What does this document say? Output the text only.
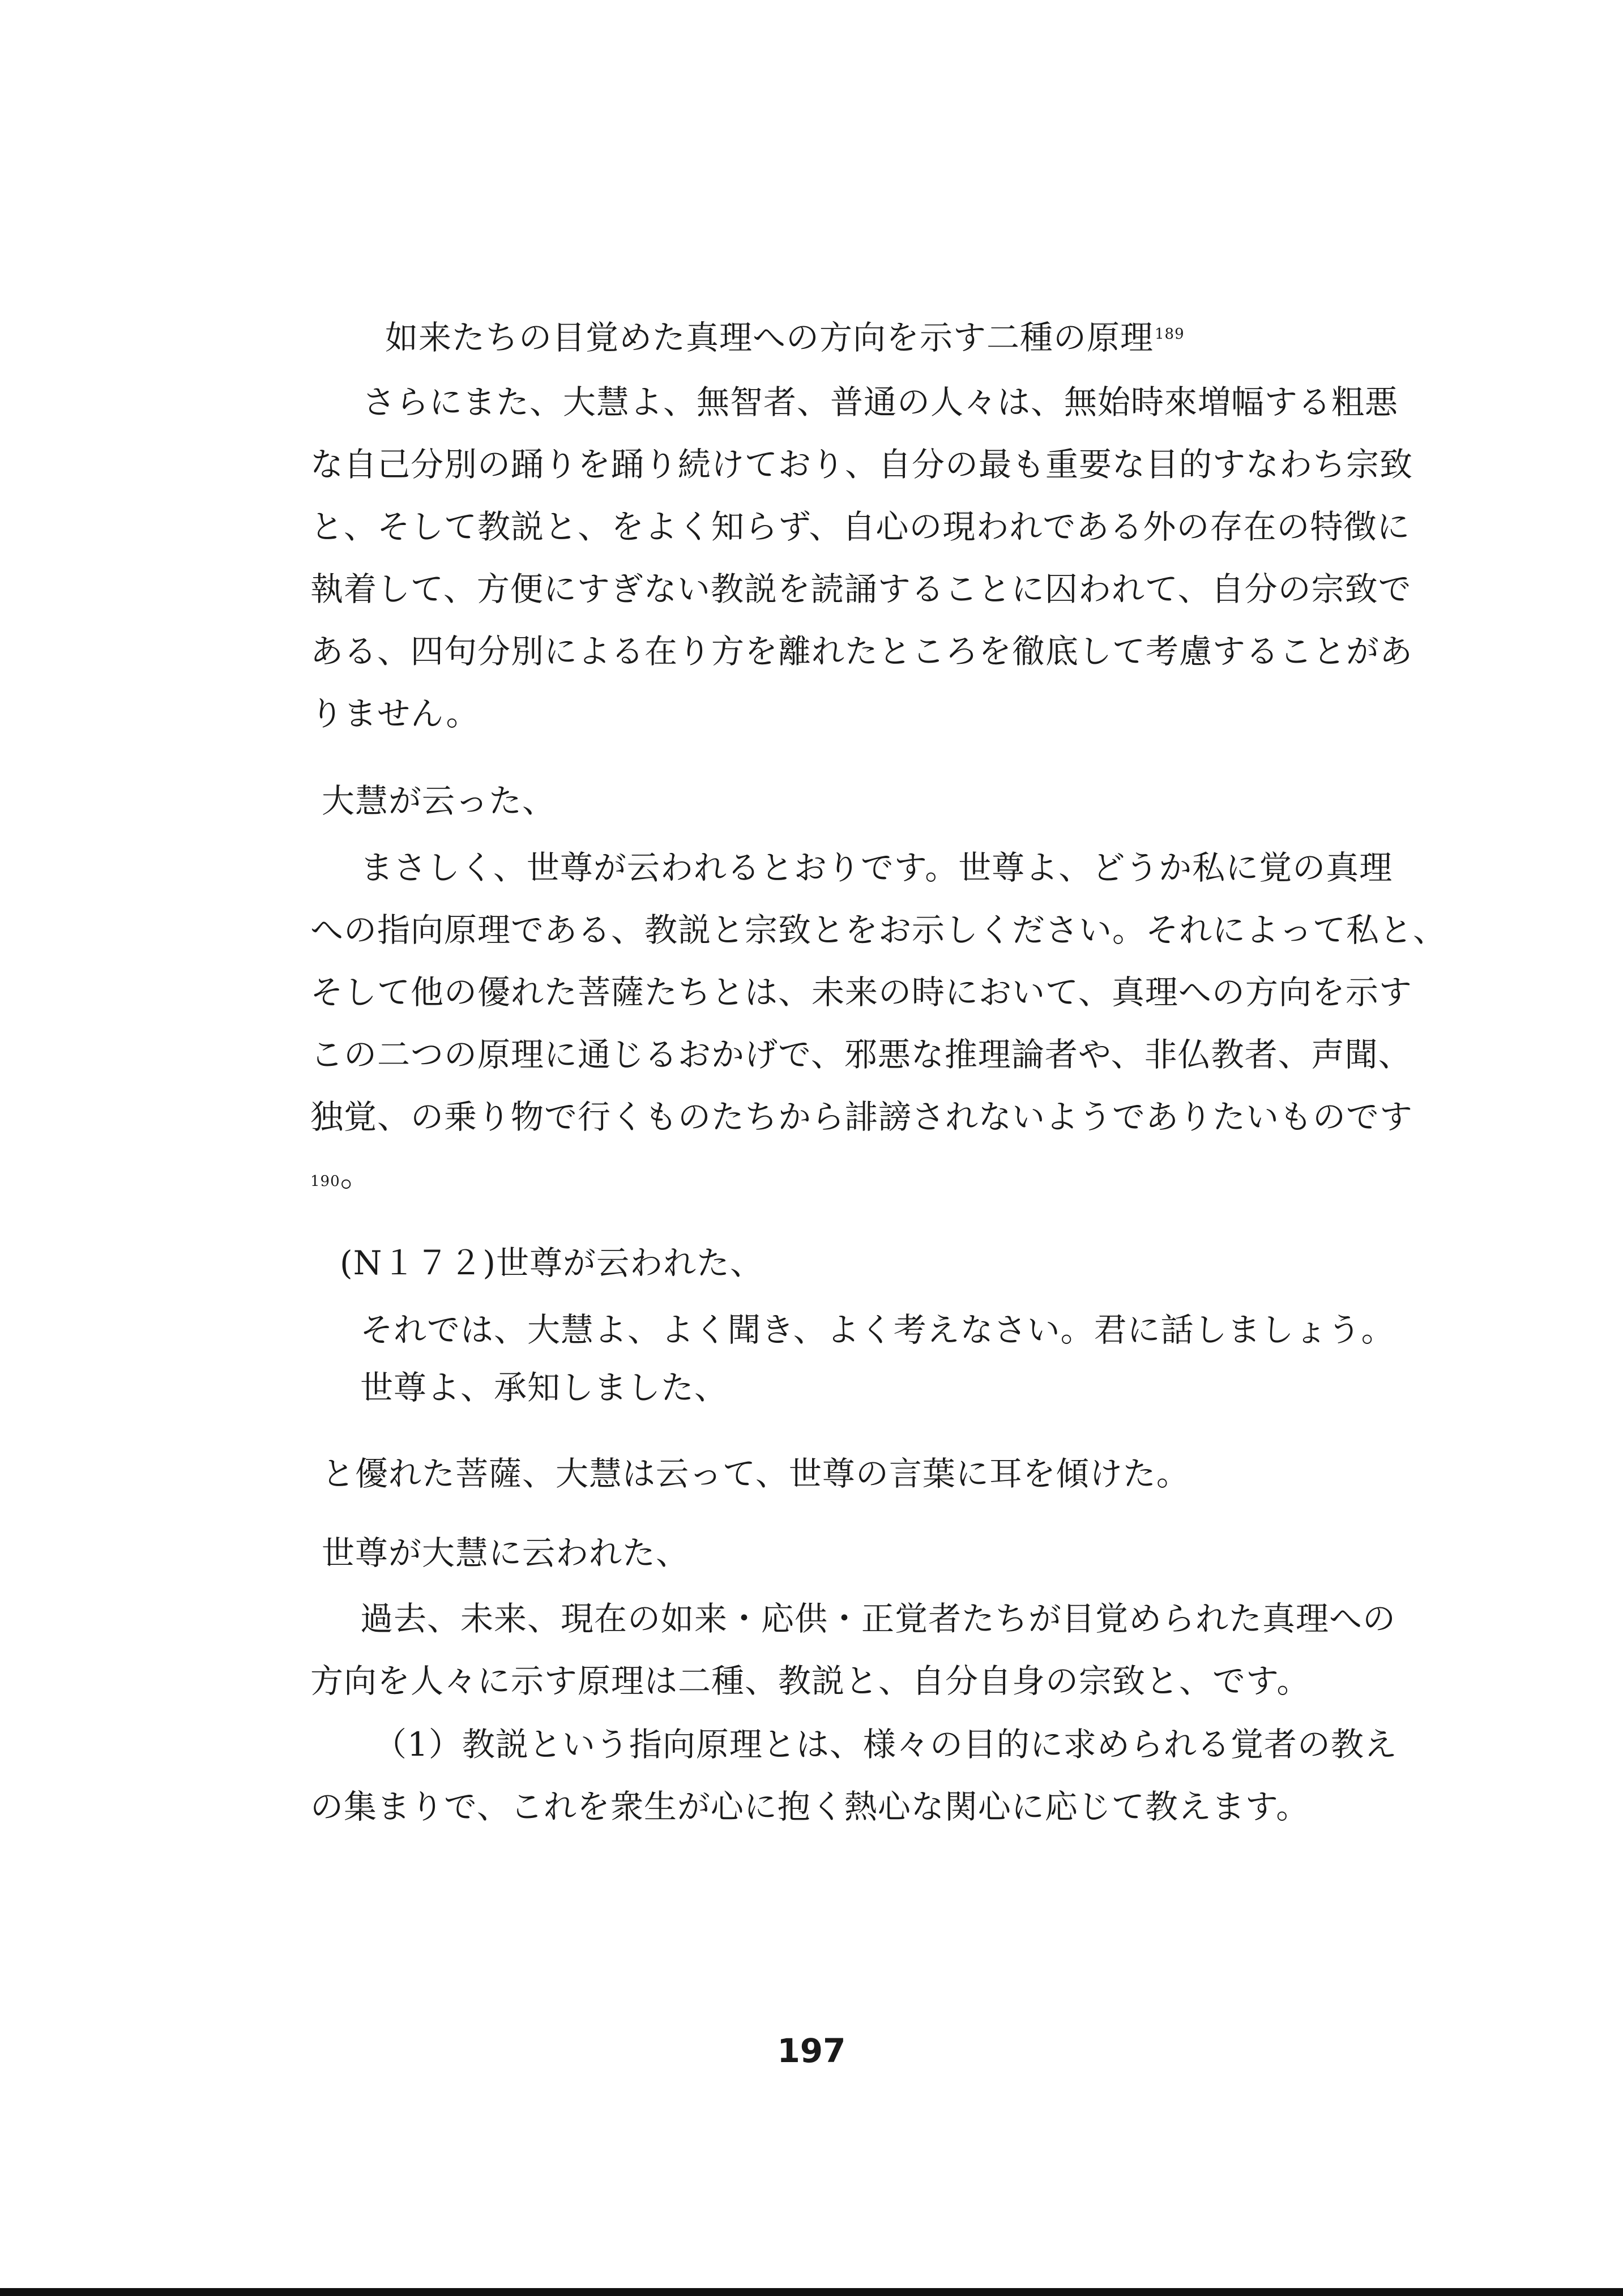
如来たちの目覚めた真理への方向を示す二種の原理$^{189}$
さらにまた、大慧よ、無智者、普通の人々は、無始時來増幅する粗悪
な自己分別の踊りを踊り続けており、自分の最も重要な目的すなわち宗致
と、そして教説と、をよく知らず、自心の現われである外の存在の特徴に
執着して、方便にすぎない教説を読誦することに囚われて、自分の宗致で
ある、四句分別による在り方を離れたところを徹底して考慮することがあ
りません。
大慧が云った、
まさしく、世尊が云われるとおりです。世尊よ、どうか私に覚の真理
への指向原理である、教説と宗致とをお示しください。それによって私と、
そして他の優れた菩薩たちとは、未来の時において、真理への方向を示す
この二つの原理に通じるおかげで、邪悪な推理論者や、非仏教者、声聞、
独覚、の乗り物で行くものたちから誹謗されないようでありたいものです
190。
(N１７２)世尊が云われた、
それでは、大慧よ、よく聞き、よく考えなさい。君に話しましょう。
世尊よ、承知しました、
と優れた菩薩、大慧は云って、世尊の言葉に耳を傾けた。
世尊が大慧に云われた、
過去、未来、現在の如来・応供・正覚者たちが目覚められた真理への
方向を人々に示す原理は二種、教説と、自分自身の宗致と、です。
（1）教説という指向原理とは、様々の目的に求められる覚者の教え
の集まりで、これを衆生が心に抱く熱心な関心に応じて教えます。
197
